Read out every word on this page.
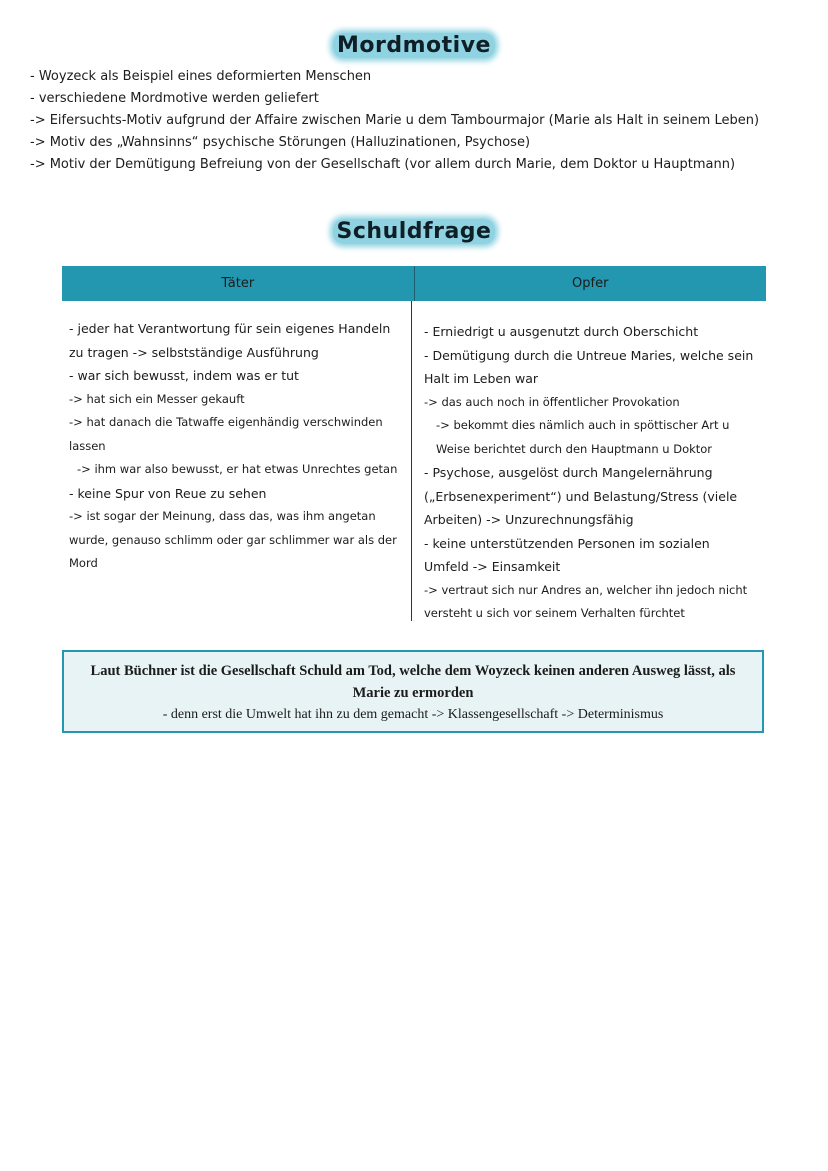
Mordmotive
- Woyzeck als Beispiel eines deformierten Menschen
- verschiedene Mordmotive werden geliefert
-> Eifersuchts-Motiv aufgrund der Affaire zwischen Marie u dem Tambourmajor (Marie als Halt in seinem Leben)
-> Motiv des „Wahnsinns“ psychische Störungen (Halluzinationen, Psychose)
-> Motiv der Demütigung Befreiung von der Gesellschaft (vor allem durch Marie, dem Doktor u Hauptmann)
Schuldfrage
Täter	Opfer

- jeder hat Verantwortung für sein eigenes Handeln zu tragen -> selbstständige Ausführung

- war sich bewusst, indem was er tut

-> hat sich ein Messer gekauft

-> hat danach die Tatwaffe eigenhändig verschwinden lassen

-> ihm war also bewusst, er hat etwas Unrechtes getan

- keine Spur von Reue zu sehen

-> ist sogar der Meinung, dass das, was ihm angetan wurde, genauso schlimm oder gar schlimmer war als der Mord

- Erniedrigt u ausgenutzt durch Oberschicht

- Demütigung durch die Untreue Maries, welche sein Halt im Leben war

-> das auch noch in öffentlicher Provokation

-> bekommt dies nämlich auch in spöttischer Art u Weise berichtet durch den Hauptmann u Doktor

- Psychose, ausgelöst durch Mangelernährung („Erbsenexperiment“) und Belastung/Stress (viele Arbeiten) -> Unzurechnungsfähig

- keine unterstützenden Personen im sozialen Umfeld -> Einsamkeit

-> vertraut sich nur Andres an, welcher ihn jedoch nicht versteht u sich vor seinem Verhalten fürchtet

Laut Büchner ist die Gesellschaft Schuld am Tod, welche dem Woyzeck keinen anderen Ausweg lässt, als Marie zu ermorden
- denn erst die Umwelt hat ihn zu dem gemacht -> Klassengesellschaft -> Determinismus
